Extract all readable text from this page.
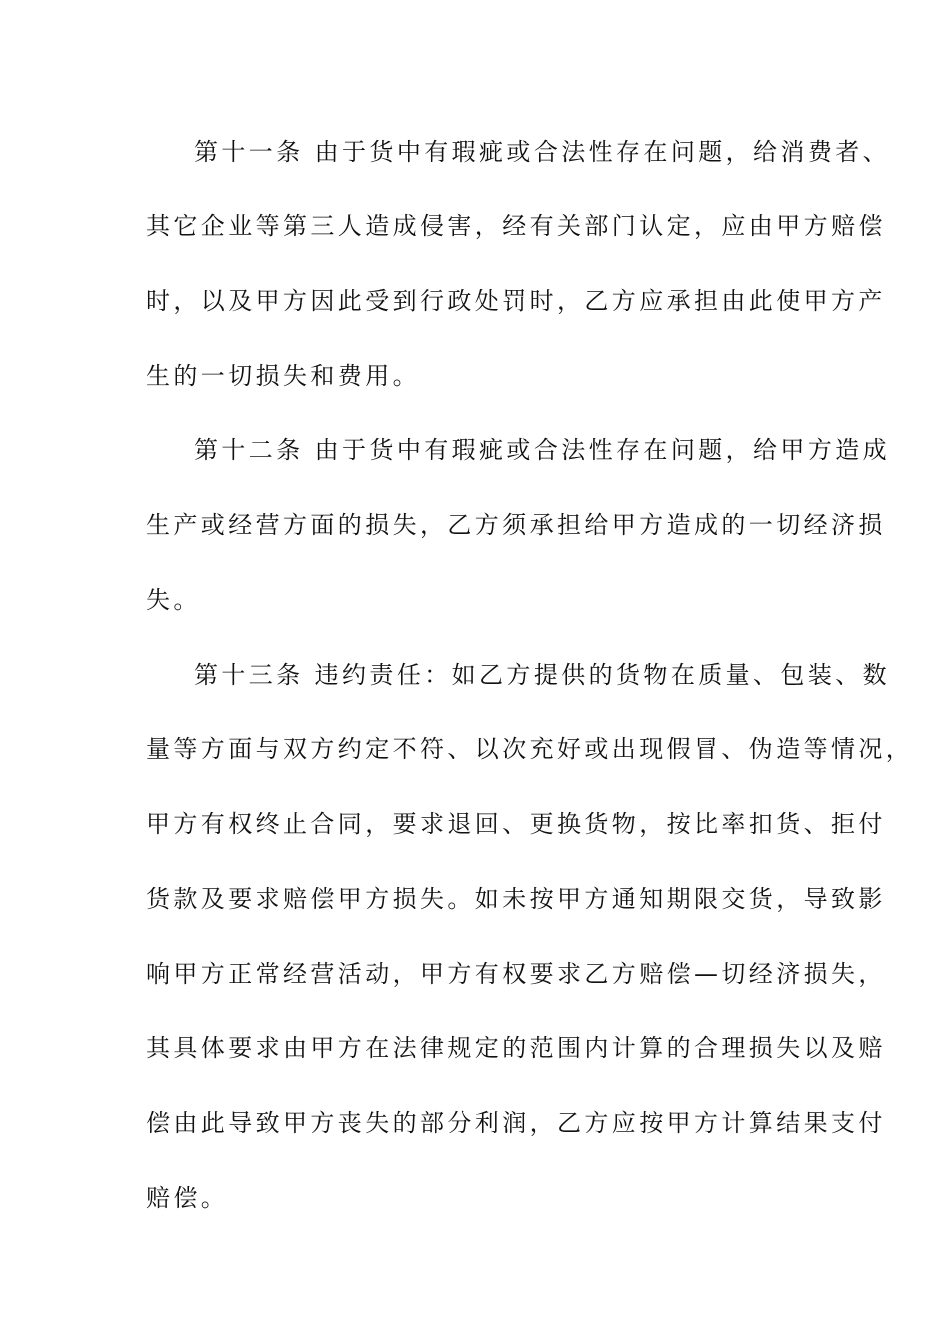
第十一条 由于货中有瑕疵或合法性存在问题，给消费者、
其它企业等第三人造成侵害，经有关部门认定，应由甲方赔偿
时，以及甲方因此受到行政处罚时，乙方应承担由此使甲方产
生的一切损失和费用。
第十二条 由于货中有瑕疵或合法性存在问题，给甲方造成
生产或经营方面的损失，乙方须承担给甲方造成的一切经济损
失。
第十三条 违约责任：如乙方提供的货物在质量、包装、数
量等方面与双方约定不符、以次充好或出现假冒、伪造等情况，
甲方有权终止合同，要求退回、更换货物，按比率扣货、拒付
货款及要求赔偿甲方损失。如未按甲方通知期限交货，导致影
响甲方正常经营活动，甲方有权要求乙方赔偿—切经济损失，
其具体要求由甲方在法律规定的范围内计算的合理损失以及赔
偿由此导致甲方丧失的部分利润，乙方应按甲方计算结果支付
赔偿。
